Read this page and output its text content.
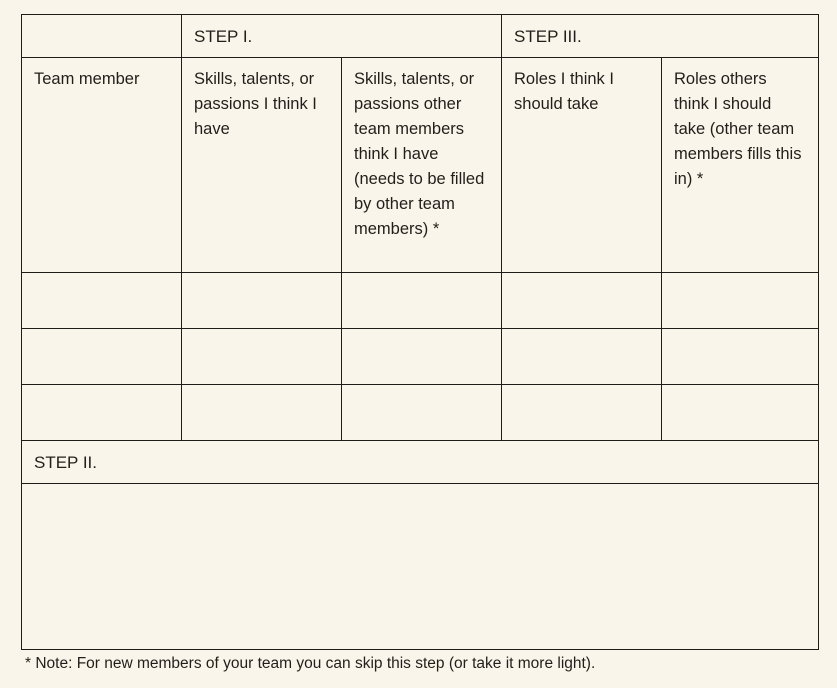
	STEP I.		STEP III.	
Team member	Skills, talents, or passions I think I have	Skills, talents, or passions other team members think I have (needs to be filled by other team members) *	Roles I think I should take	Roles others think I should take (other team members fills this in) *

STEP II.				

* Note: For new members of your team you can skip this step (or take it more light).
